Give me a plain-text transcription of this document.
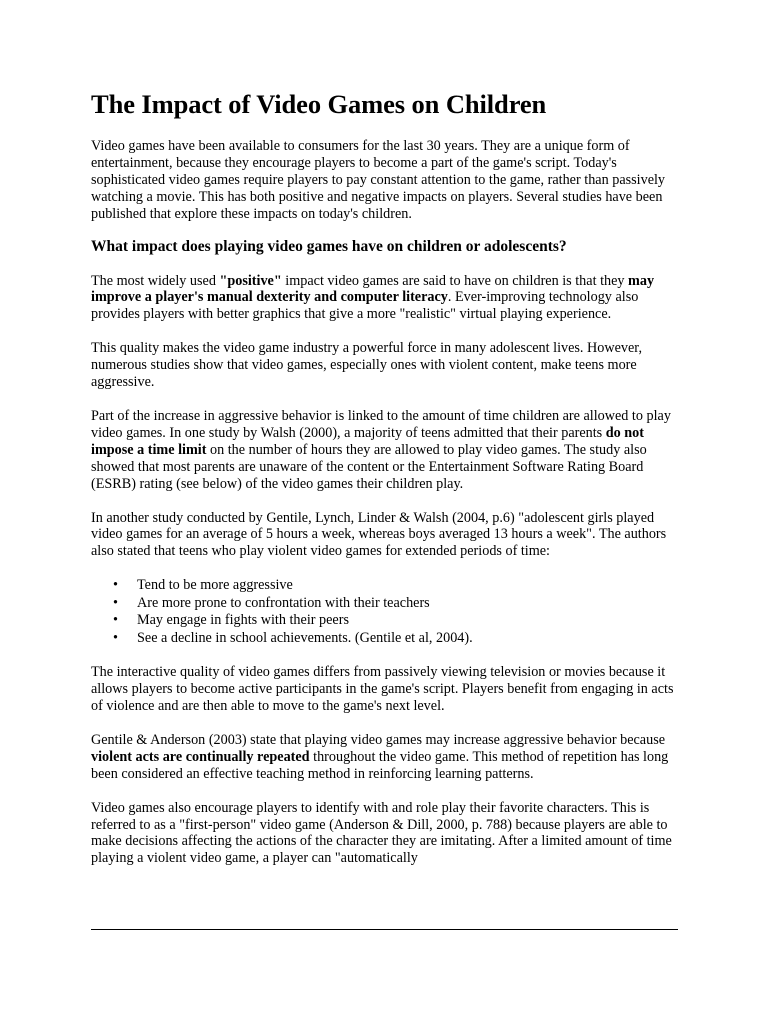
The Impact of Video Games on Children

Video games have been available to consumers for the last 30 years. They are a unique form of entertainment, because they encourage players to become a part of the game's script. Today's sophisticated video games require players to pay constant attention to the game, rather than passively watching a movie. This has both positive and negative impacts on players. Several studies have been published that explore these impacts on today's children.

What impact does playing video games have on children or adolescents?

The most widely used "positive" impact video games are said to have on children is that they may improve a player's manual dexterity and computer literacy. Ever-improving technology also provides players with better graphics that give a more "realistic" virtual playing experience.

This quality makes the video game industry a powerful force in many adolescent lives. However, numerous studies show that video games, especially ones with violent content, make teens more aggressive.

Part of the increase in aggressive behavior is linked to the amount of time children are allowed to play video games. In one study by Walsh (2000), a majority of teens admitted that their parents do not impose a time limit on the number of hours they are allowed to play video games. The study also showed that most parents are unaware of the content or the Entertainment Software Rating Board (ESRB) rating (see below) of the video games their children play.

In another study conducted by Gentile, Lynch, Linder & Walsh (2004, p.6) "adolescent girls played video games for an average of 5 hours a week, whereas boys averaged 13 hours a week". The authors also stated that teens who play violent video games for extended periods of time:

• Tend to be more aggressive
• Are more prone to confrontation with their teachers
• May engage in fights with their peers
• See a decline in school achievements. (Gentile et al, 2004).

The interactive quality of video games differs from passively viewing television or movies because it allows players to become active participants in the game's script. Players benefit from engaging in acts of violence and are then able to move to the game's next level.

Gentile & Anderson (2003) state that playing video games may increase aggressive behavior because violent acts are continually repeated throughout the video game. This method of repetition has long been considered an effective teaching method in reinforcing learning patterns.

Video games also encourage players to identify with and role play their favorite characters. This is referred to as a "first-person" video game (Anderson & Dill, 2000, p. 788) because players are able to make decisions affecting the actions of the character they are imitating. After a limited amount of time playing a violent video game, a player can "automatically
